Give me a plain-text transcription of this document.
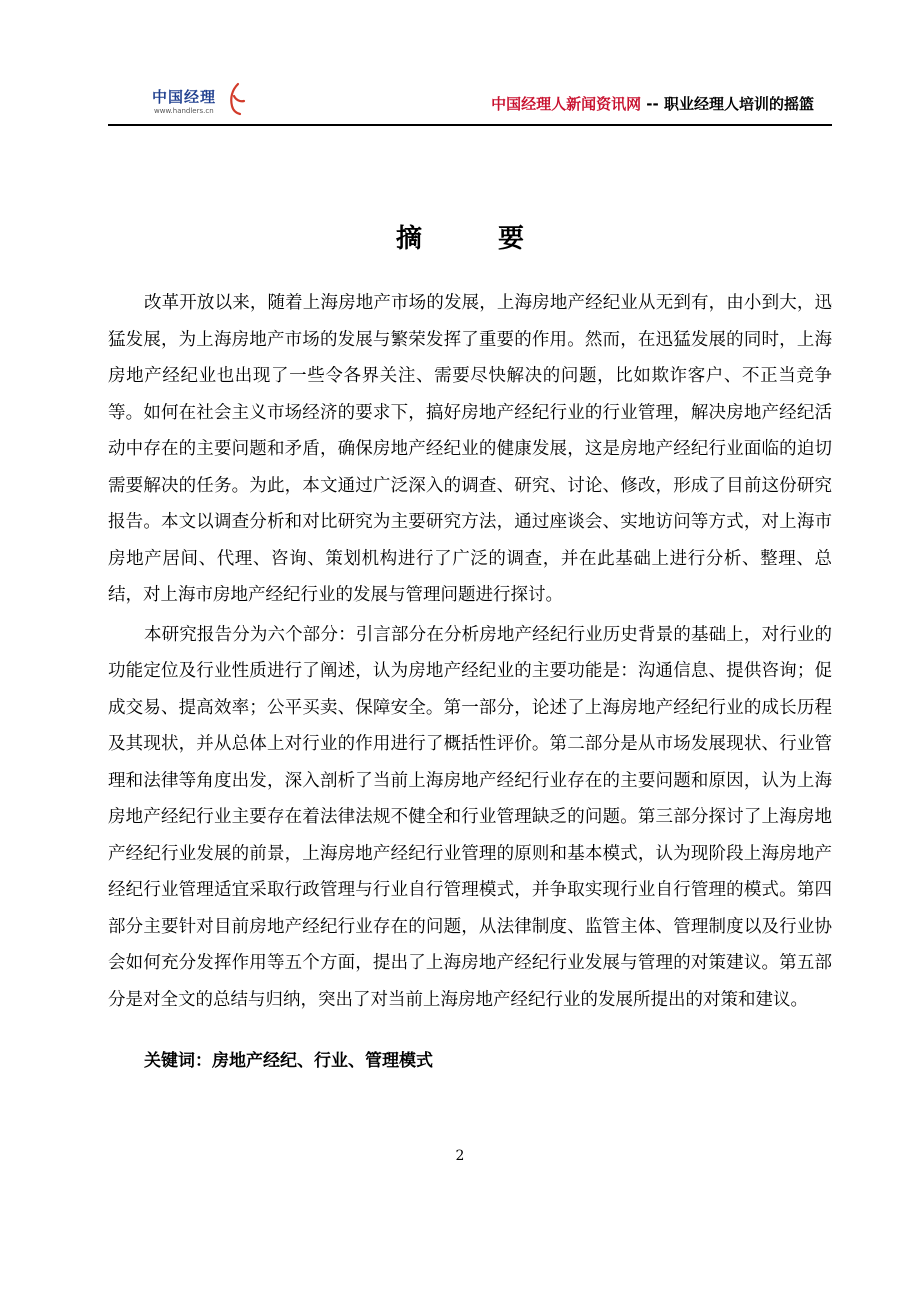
中国经理
www.handlers.cn	中国经理人新闻资讯网 -- 职业经理人培训的摇篮
摘	要

改革开放以来，随着上海房地产市场的发展，上海房地产经纪业从无到有，由小到大，迅猛发展，为上海房地产市场的发展与繁荣发挥了重要的作用。然而，在迅猛发展的同时，上海房地产经纪业也出现了一些令各界关注、需要尽快解决的问题，比如欺诈客户、不正当竞争等。如何在社会主义市场经济的要求下，搞好房地产经纪行业的行业管理，解决房地产经纪活动中存在的主要问题和矛盾，确保房地产经纪业的健康发展，这是房地产经纪行业面临的迫切需要解决的任务。为此，本文通过广泛深入的调查、研究、讨论、修改，形成了目前这份研究报告。本文以调查分析和对比研究为主要研究方法，通过座谈会、实地访问等方式，对上海市房地产居间、代理、咨询、策划机构进行了广泛的调查，并在此基础上进行分析、整理、总结，对上海市房地产经纪行业的发展与管理问题进行探讨。

本研究报告分为六个部分：引言部分在分析房地产经纪行业历史背景的基础上，对行业的功能定位及行业性质进行了阐述，认为房地产经纪业的主要功能是：沟通信息、提供咨询；促成交易、提高效率；公平买卖、保障安全。第一部分，论述了上海房地产经纪行业的成长历程及其现状，并从总体上对行业的作用进行了概括性评价。第二部分是从市场发展现状、行业管理和法律等角度出发，深入剖析了当前上海房地产经纪行业存在的主要问题和原因，认为上海房地产经纪行业主要存在着法律法规不健全和行业管理缺乏的问题。第三部分探讨了上海房地产经纪行业发展的前景，上海房地产经纪行业管理的原则和基本模式，认为现阶段上海房地产经纪行业管理适宜采取行政管理与行业自行管理模式，并争取实现行业自行管理的模式。第四部分主要针对目前房地产经纪行业存在的问题，从法律制度、监管主体、管理制度以及行业协会如何充分发挥作用等五个方面，提出了上海房地产经纪行业发展与管理的对策建议。第五部分是对全文的总结与归纳，突出了对当前上海房地产经纪行业的发展所提出的对策和建议。

关键词：房地产经纪、行业、管理模式
2
